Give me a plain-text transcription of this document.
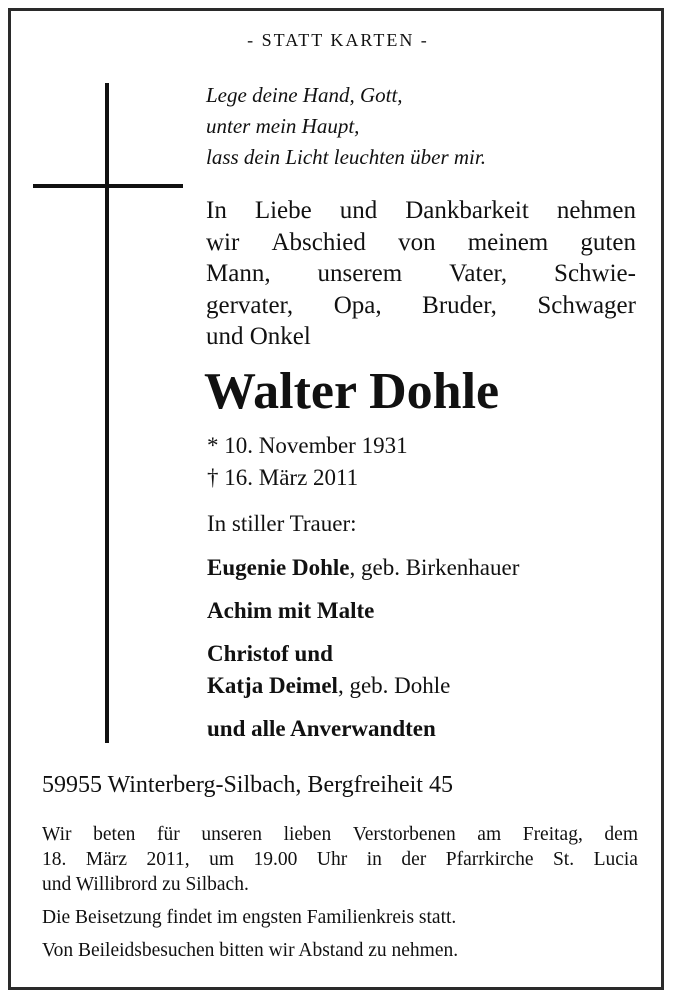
- STATT KARTEN -
Lege deine Hand, Gott,
unter mein Haupt,
lass dein Licht leuchten über mir.
In Liebe und Dankbarkeit nehmen
wir Abschied von meinem guten
Mann, unserem Vater, Schwie-
gervater, Opa, Bruder, Schwager
und Onkel
Walter Dohle
* 10. November 1931
† 16. März 2011
In stiller Trauer:
Eugenie Dohle, geb. Birkenhauer
Achim mit Malte
Christof und
Katja Deimel, geb. Dohle
und alle Anverwandten
59955 Winterberg-Silbach, Bergfreiheit 45
Wir beten für unseren lieben Verstorbenen am Freitag, dem
18. März 2011, um 19.00 Uhr in der Pfarrkirche St. Lucia
und Willibrord zu Silbach.
Die Beisetzung findet im engsten Familienkreis statt.
Von Beileidsbesuchen bitten wir Abstand zu nehmen.
